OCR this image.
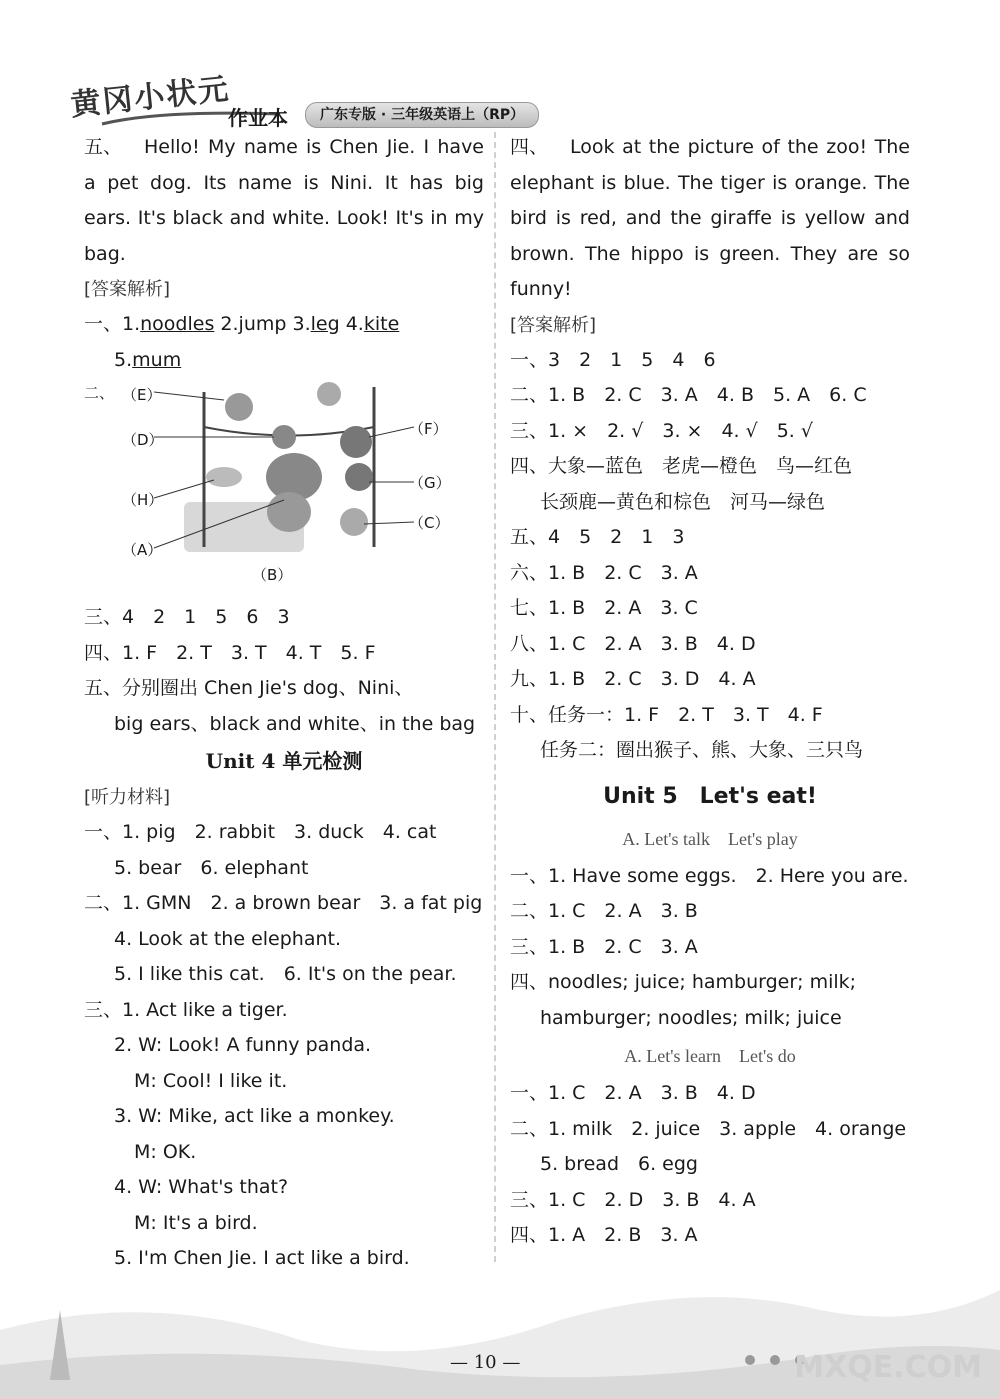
黄冈小状元
作业本	广东专版 · 三年级英语上（RP）

五、 Hello! My name is Chen Jie. I have a pet dog. Its name is Nini. It has big ears. It's black and white. Look! It's in my bag.

[答案解析]

一、1.noodles 2.jump 3.leg 4.kite

5.mum

二、 （E）
（D）
（H）
（A）
（B）
（F）
（G）
（C）

三、4　2　1　5　6　3

四、1. F　2. T　3. T　4. T　5. F

五、分别圈出 Chen Jie's dog、Nini、

big ears、black and white、in the bag

Unit 4 单元检测
[听力材料]

一、1. pig　2. rabbit　3. duck　4. cat

5. bear　6. elephant

二、1. GMN　2. a brown bear　3. a fat pig

4. Look at the elephant.

5. I like this cat.　6. It's on the pear.

三、1. Act like a tiger.

2. W: Look! A funny panda.

M: Cool! I like it.

3. W: Mike, act like a monkey.

M: OK.

4. W: What's that?

M: It's a bird.

5. I'm Chen Jie. I act like a bird.

四、 Look at the picture of the zoo! The elephant is blue. The tiger is orange. The bird is red, and the giraffe is yellow and brown. The hippo is green. They are so funny!

[答案解析]

一、3　2　1　5　4　6

二、1. B　2. C　3. A　4. B　5. A　6. C

三、1. ×　2. √　3. ×　4. √　5. √

四、大象—蓝色　老虎—橙色　鸟—红色

长颈鹿—黄色和棕色　河马—绿色

五、4　5　2　1　3

六、1. B　2. C　3. A

七、1. B　2. A　3. C

八、1. C　2. A　3. B　4. D

九、1. B　2. C　3. D　4. A

十、任务一：1. F　2. T　3. T　4. F

任务二：圈出猴子、熊、大象、三只鸟

Unit 5　Let's eat!
A. Let's talk　Let's play

一、1. Have some eggs.　2. Here you are.

二、1. C　2. A　3. B

三、1. B　2. C　3. A

四、noodles; juice; hamburger; milk;

hamburger; noodles; milk; juice

A. Let's learn　Let's do

一、1. C　2. A　3. B　4. D

二、1. milk　2. juice　3. apple　4. orange

5. bread　6. egg

三、1. C　2. D　3. B　4. A

四、1. A　2. B　3. A

— 10 —	MXQE.COM
